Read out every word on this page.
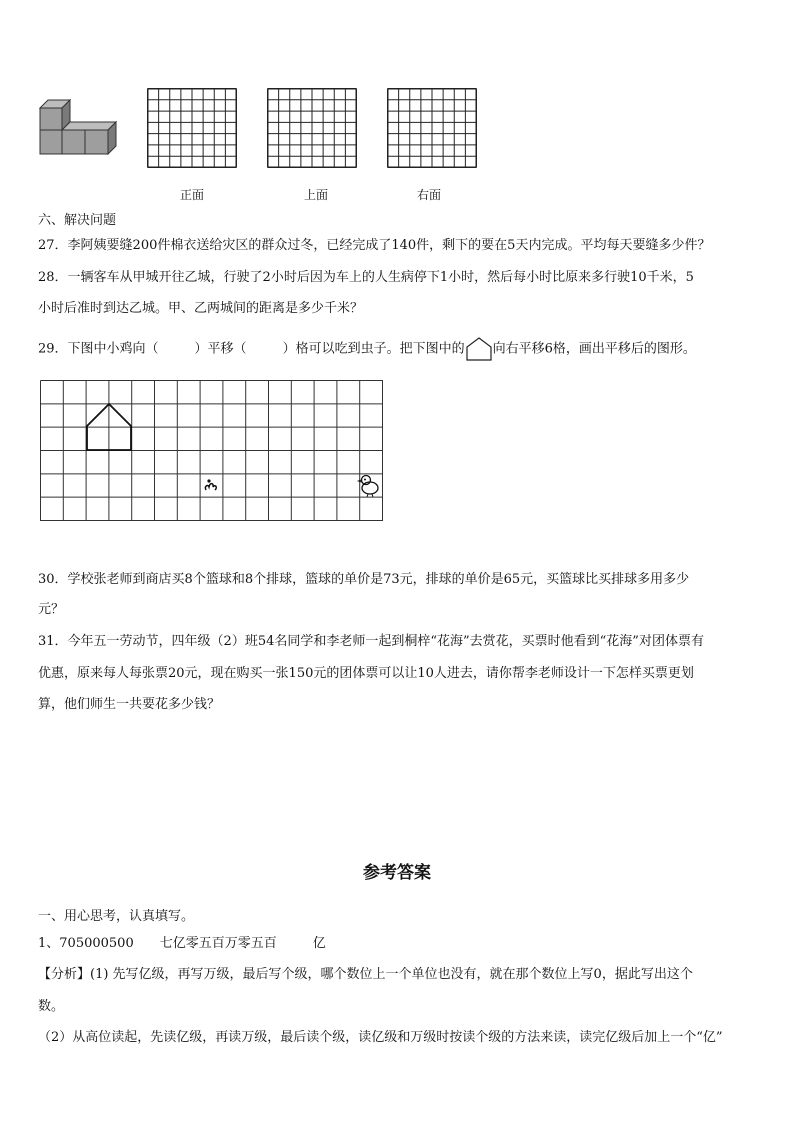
正面	上面	右面
六、解决问题
27．李阿姨要缝200件棉衣送给灾区的群众过冬，已经完成了140件，剩下的要在5天内完成。平均每天要缝多少件？
28．一辆客车从甲城开往乙城，行驶了2小时后因为车上的人生病停下1小时，然后每小时比原来多行驶10千米，5
小时后准时到达乙城。甲、乙两城间的距离是多少千米？
29．下图中小鸡向（	）平移（	）格可以吃到虫子。把下图中的 向右平移6格，画出平移后的图形。
30．学校张老师到商店买8个篮球和8个排球，篮球的单价是73元，排球的单价是65元，买篮球比买排球多用多少
元？
31．今年五一劳动节，四年级（2）班54名同学和李老师一起到桐梓“花海”去赏花，买票时他看到“花海”对团体票有
优惠，原来每人每张票20元，现在购买一张150元的团体票可以让10人进去，请你帮李老师设计一下怎样买票更划
算，他们师生一共要花多少钱？
参考答案
一、用心思考，认真填写。
1、705000500 七亿零五百万零五百	亿
【分析】(1) 先写亿级，再写万级，最后写个级，哪个数位上一个单位也没有，就在那个数位上写0，据此写出这个
数。
（2）从高位读起，先读亿级，再读万级，最后读个级，读亿级和万级时按读个级的方法来读，读完亿级后加上一个“亿”
